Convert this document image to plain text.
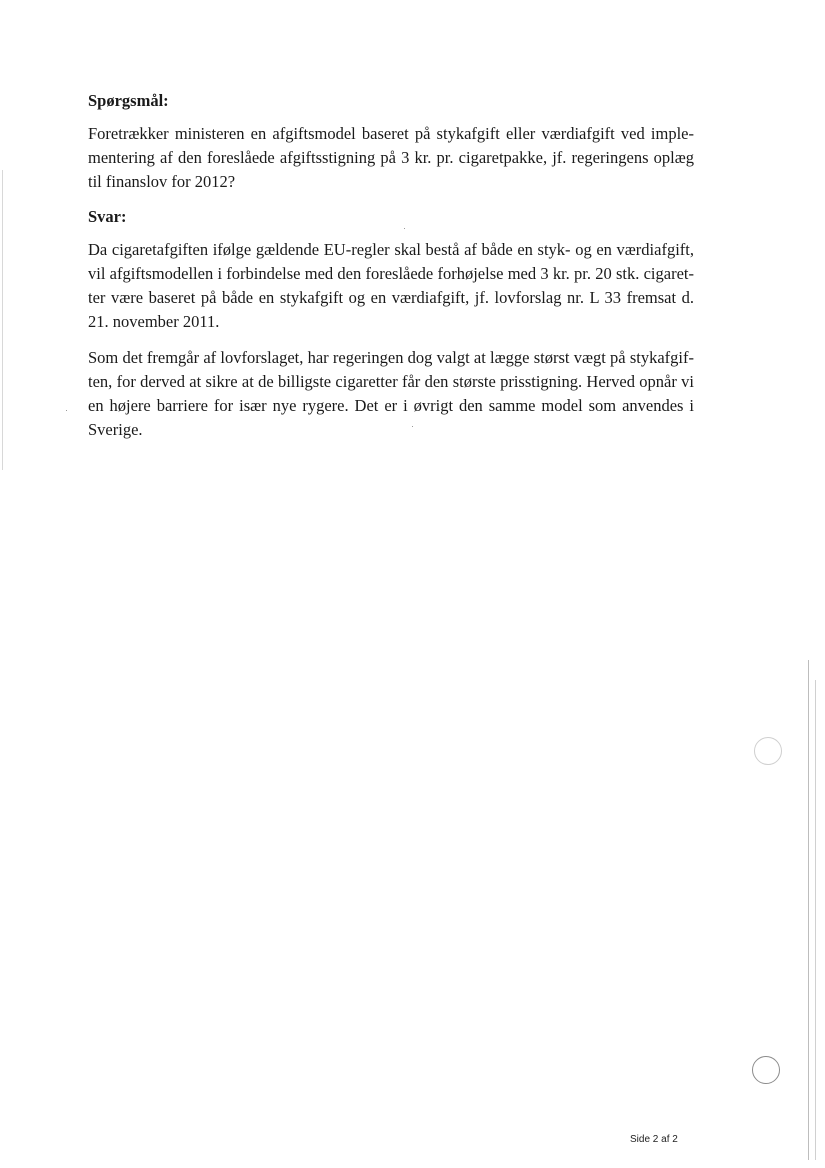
Spørgsmål:
Foretrækker ministeren en afgiftsmodel baseret på stykafgift eller værdiafgift ved imple-
mentering af den foreslåede afgiftsstigning på 3 kr. pr. cigaretpakke, jf. regeringens oplæg
til finanslov for 2012?
Svar:
Da cigaretafgiften ifølge gældende EU-regler skal bestå af både en styk- og en værdiafgift,
vil afgiftsmodellen i forbindelse med den foreslåede forhøjelse med 3 kr. pr. 20 stk. cigaret-
ter være baseret på både en stykafgift og en værdiafgift, jf. lovforslag nr. L 33 fremsat d.
21. november 2011.
Som det fremgår af lovforslaget, har regeringen dog valgt at lægge størst vægt på stykafgif-
ten, for derved at sikre at de billigste cigaretter får den største prisstigning. Herved opnår vi
en højere barriere for især nye rygere. Det er i øvrigt den samme model som anvendes i
Sverige.
Side 2 af 2
